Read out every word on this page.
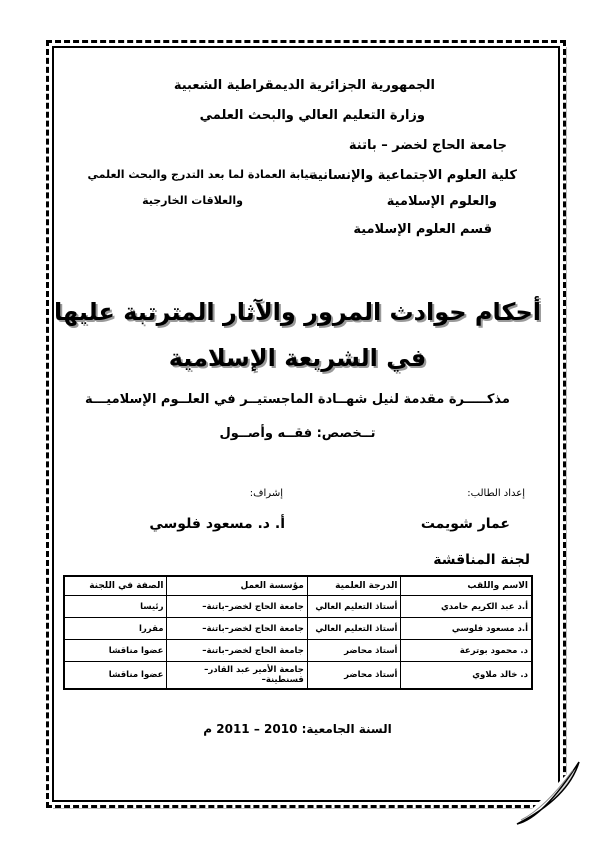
الجمهورية الجزائرية الديمقراطية الشعبية
وزارة التعليم العالي والبحث العلمي
جامعة الحاج لخضر – باتنة
كلية العلوم الاجتماعية والإنسانية
والعلوم الإسلامية
قسم العلوم الإسلامية
نيابة العمادة لما بعد التدرج والبحث العلمي
والعلاقات الخارجية
أحكام حوادث المرور والآثار المترتبة عليها
في الشريعة الإسلامية
مذكـــــرة مقدمة لنيل شهــادة الماجستيــر في العلــوم الإسلاميـــة
تــخصص: فقــه وأصــول
إعداد الطالب:
إشراف:
عمار شويمت
أ. د. مسعود فلوسي
لجنة المناقشة
الاسم واللقب	الدرجة العلمية	مؤسسة العمل	الصفة في اللجنة
أ.د عبد الكريم حامدي	أستاذ التعليم العالي	جامعة الحاج لخضر–باتنة–	رئيسا
أ.د مسعود فلوسي	أستاذ التعليم العالي	جامعة الحاج لخضر–باتنة–	مقررا
د. محمود بوترعة	أستاذ محاضر	جامعة الحاج لخضر–باتنة–	عضوا مناقشا
د. خالد ملاوي	أستاذ محاضر	جامعة الأمير عبد القادر–قسنطينة–	عضوا مناقشا
السنة الجامعية: 2010 – 2011 م
